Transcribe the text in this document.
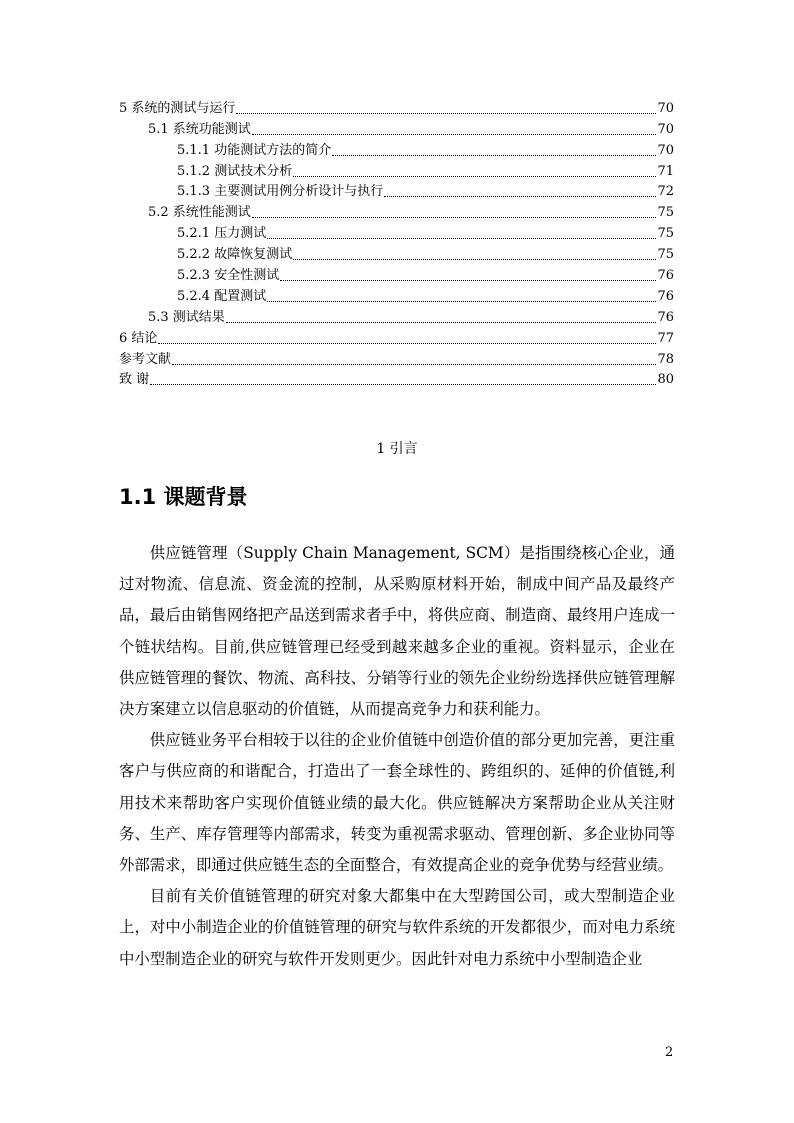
5 系统的测试与运行	70
5.1 系统功能测试	70
5.1.1 功能测试方法的简介	70
5.1.2 测试技术分析	71
5.1.3 主要测试用例分析设计与执行	72
5.2 系统性能测试	75
5.2.1 压力测试	75
5.2.2 故障恢复测试	75
5.2.3 安全性测试	76
5.2.4 配置测试	76
5.3 测试结果	76
6 结论	77
参考文献	78
致 谢	80
1 引言
1.1 课题背景

供应链管理（Supply Chain Management, SCM）是指围绕核心企业，通过对物流、信息流、资金流的控制，从采购原材料开始，制成中间产品及最终产品，最后由销售网络把产品送到需求者手中，将供应商、制造商、最终用户连成一个链状结构。目前,供应链管理已经受到越来越多企业的重视。资料显示，企业在供应链管理的餐饮、物流、高科技、分销等行业的领先企业纷纷选择供应链管理解决方案建立以信息驱动的价值链，从而提高竞争力和获利能力。

供应链业务平台相较于以往的企业价值链中创造价值的部分更加完善，更注重客户与供应商的和谐配合，打造出了一套全球性的、跨组织的、延伸的价值链,利用技术来帮助客户实现价值链业绩的最大化。供应链解决方案帮助企业从关注财务、生产、库存管理等内部需求，转变为重视需求驱动、管理创新、多企业协同等外部需求，即通过供应链生态的全面整合，有效提高企业的竞争优势与经营业绩。

目前有关价值链管理的研究对象大都集中在大型跨国公司，或大型制造企业上，对中小制造企业的价值链管理的研究与软件系统的开发都很少，而对电力系统中小型制造企业的研究与软件开发则更少。因此针对电力系统中小型制造企业

2
